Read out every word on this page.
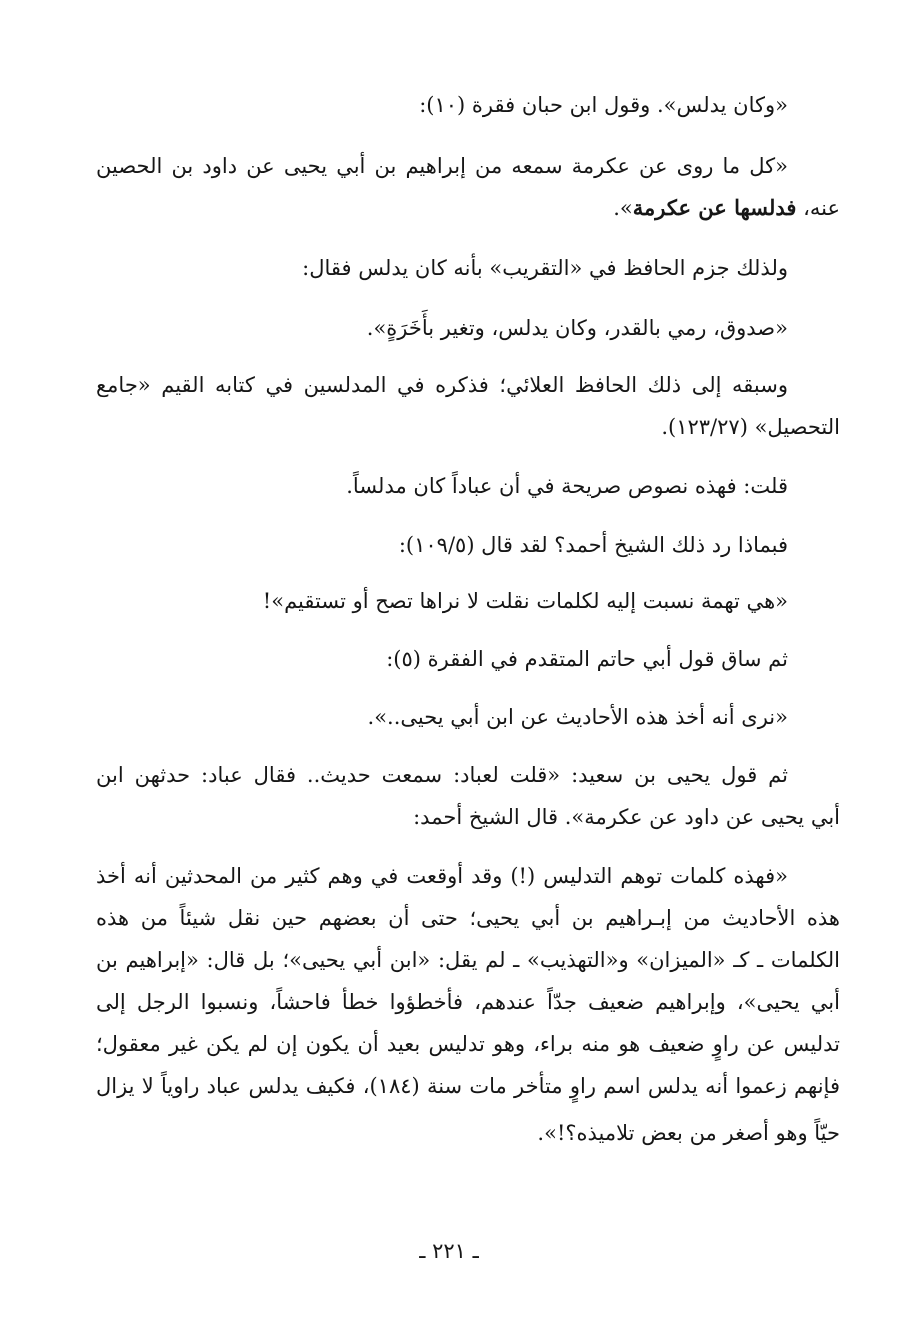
«وكان يدلس». وقول ابن حبان فقرة (١٠):
«كل ما روى عن عكرمة سمعه من إبراهيم بن أبي يحيى عن داود بن الحصين
عنه، فدلسها عن عكرمة».
ولذلك جزم الحافظ في «التقريب» بأنه كان يدلس فقال:
«صدوق، رمي بالقدر، وكان يدلس، وتغير بأَخَرَةٍ».
وسبقه إلى ذلك الحافظ العلائي؛ فذكره في المدلسين في كتابه القيم «جامع
التحصيل» (١٢٣/٢٧).
قلت: فهذه نصوص صريحة في أن عباداً كان مدلساً.
فبماذا رد ذلك الشيخ أحمد؟ لقد قال (١٠٩/٥):
«هي تهمة نسبت إليه لكلمات نقلت لا نراها تصح أو تستقيم»!
ثم ساق قول أبي حاتم المتقدم في الفقرة (٥):
«نرى أنه أخذ هذه الأحاديث عن ابن أبي يحيى..».
ثم قول يحيى بن سعيد: «قلت لعباد: سمعت حديث.. فقال عباد: حدثهن ابن
أبي يحيى عن داود عن عكرمة». قال الشيخ أحمد:
«فهذه كلمات توهم التدليس (!) وقد أوقعت في وهم كثير من المحدثين أنه أخذ
هذه الأحاديث من إبـراهيم بن أبي يحيى؛ حتى أن بعضهم حين نقل شيئاً من هذه
الكلمات ـ كـ «الميزان» و«التهذيب» ـ لم يقل: «ابن أبي يحيى»؛ بل قال: «إبراهيم بن
أبي يحيى»، وإبراهيم ضعيف جدّاً عندهم، فأخطؤوا خطأً فاحشاً، ونسبوا الرجل إلى
تدليس عن راوٍ ضعيف هو منه براء، وهو تدليس بعيد أن يكون إن لم يكن غير معقول؛
فإنهم زعموا أنه يدلس اسم راوٍ متأخر مات سنة (١٨٤)، فكيف يدلس عباد راوياً لا يزال
حيّاً وهو أصغر من بعض تلاميذه؟!».
ـ ٢٢١ ـ
